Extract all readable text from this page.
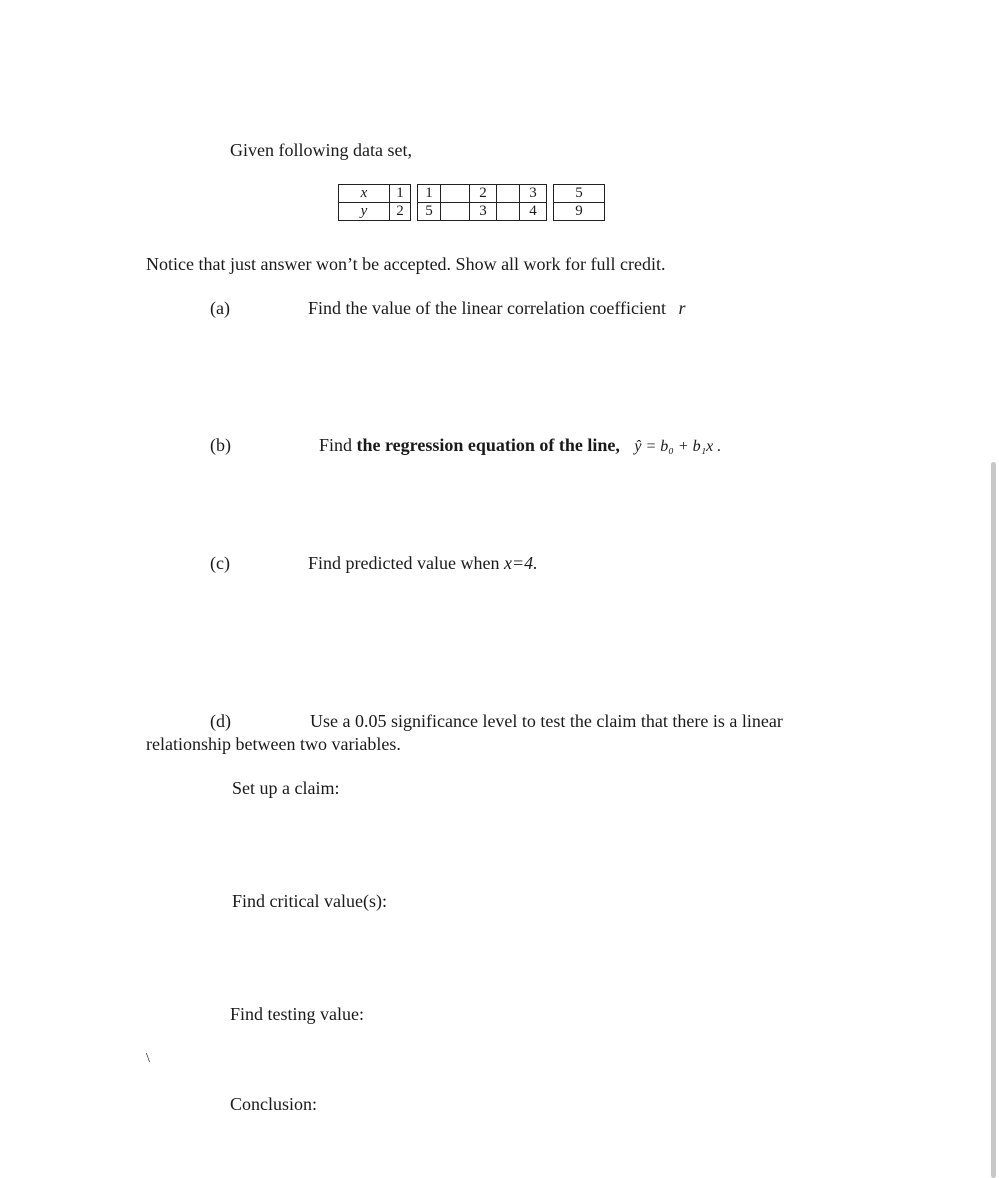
Given following data set,
x	1		1		2		3		5
y	2		5		3		4		9
Notice that just answer won’t be accepted. Show all work for full credit.
(a)	Find the value of the linear correlation coefficient r
(b)	Find the regression equation of the line, ŷ = b₀ + b₁x .
(c)	Find predicted value when x=4.
(d)	Use a 0.05 significance level to test the claim that there is a linear
relationship between two variables.
Set up a claim:
Find critical value(s):
Find testing value:
\
Conclusion:
